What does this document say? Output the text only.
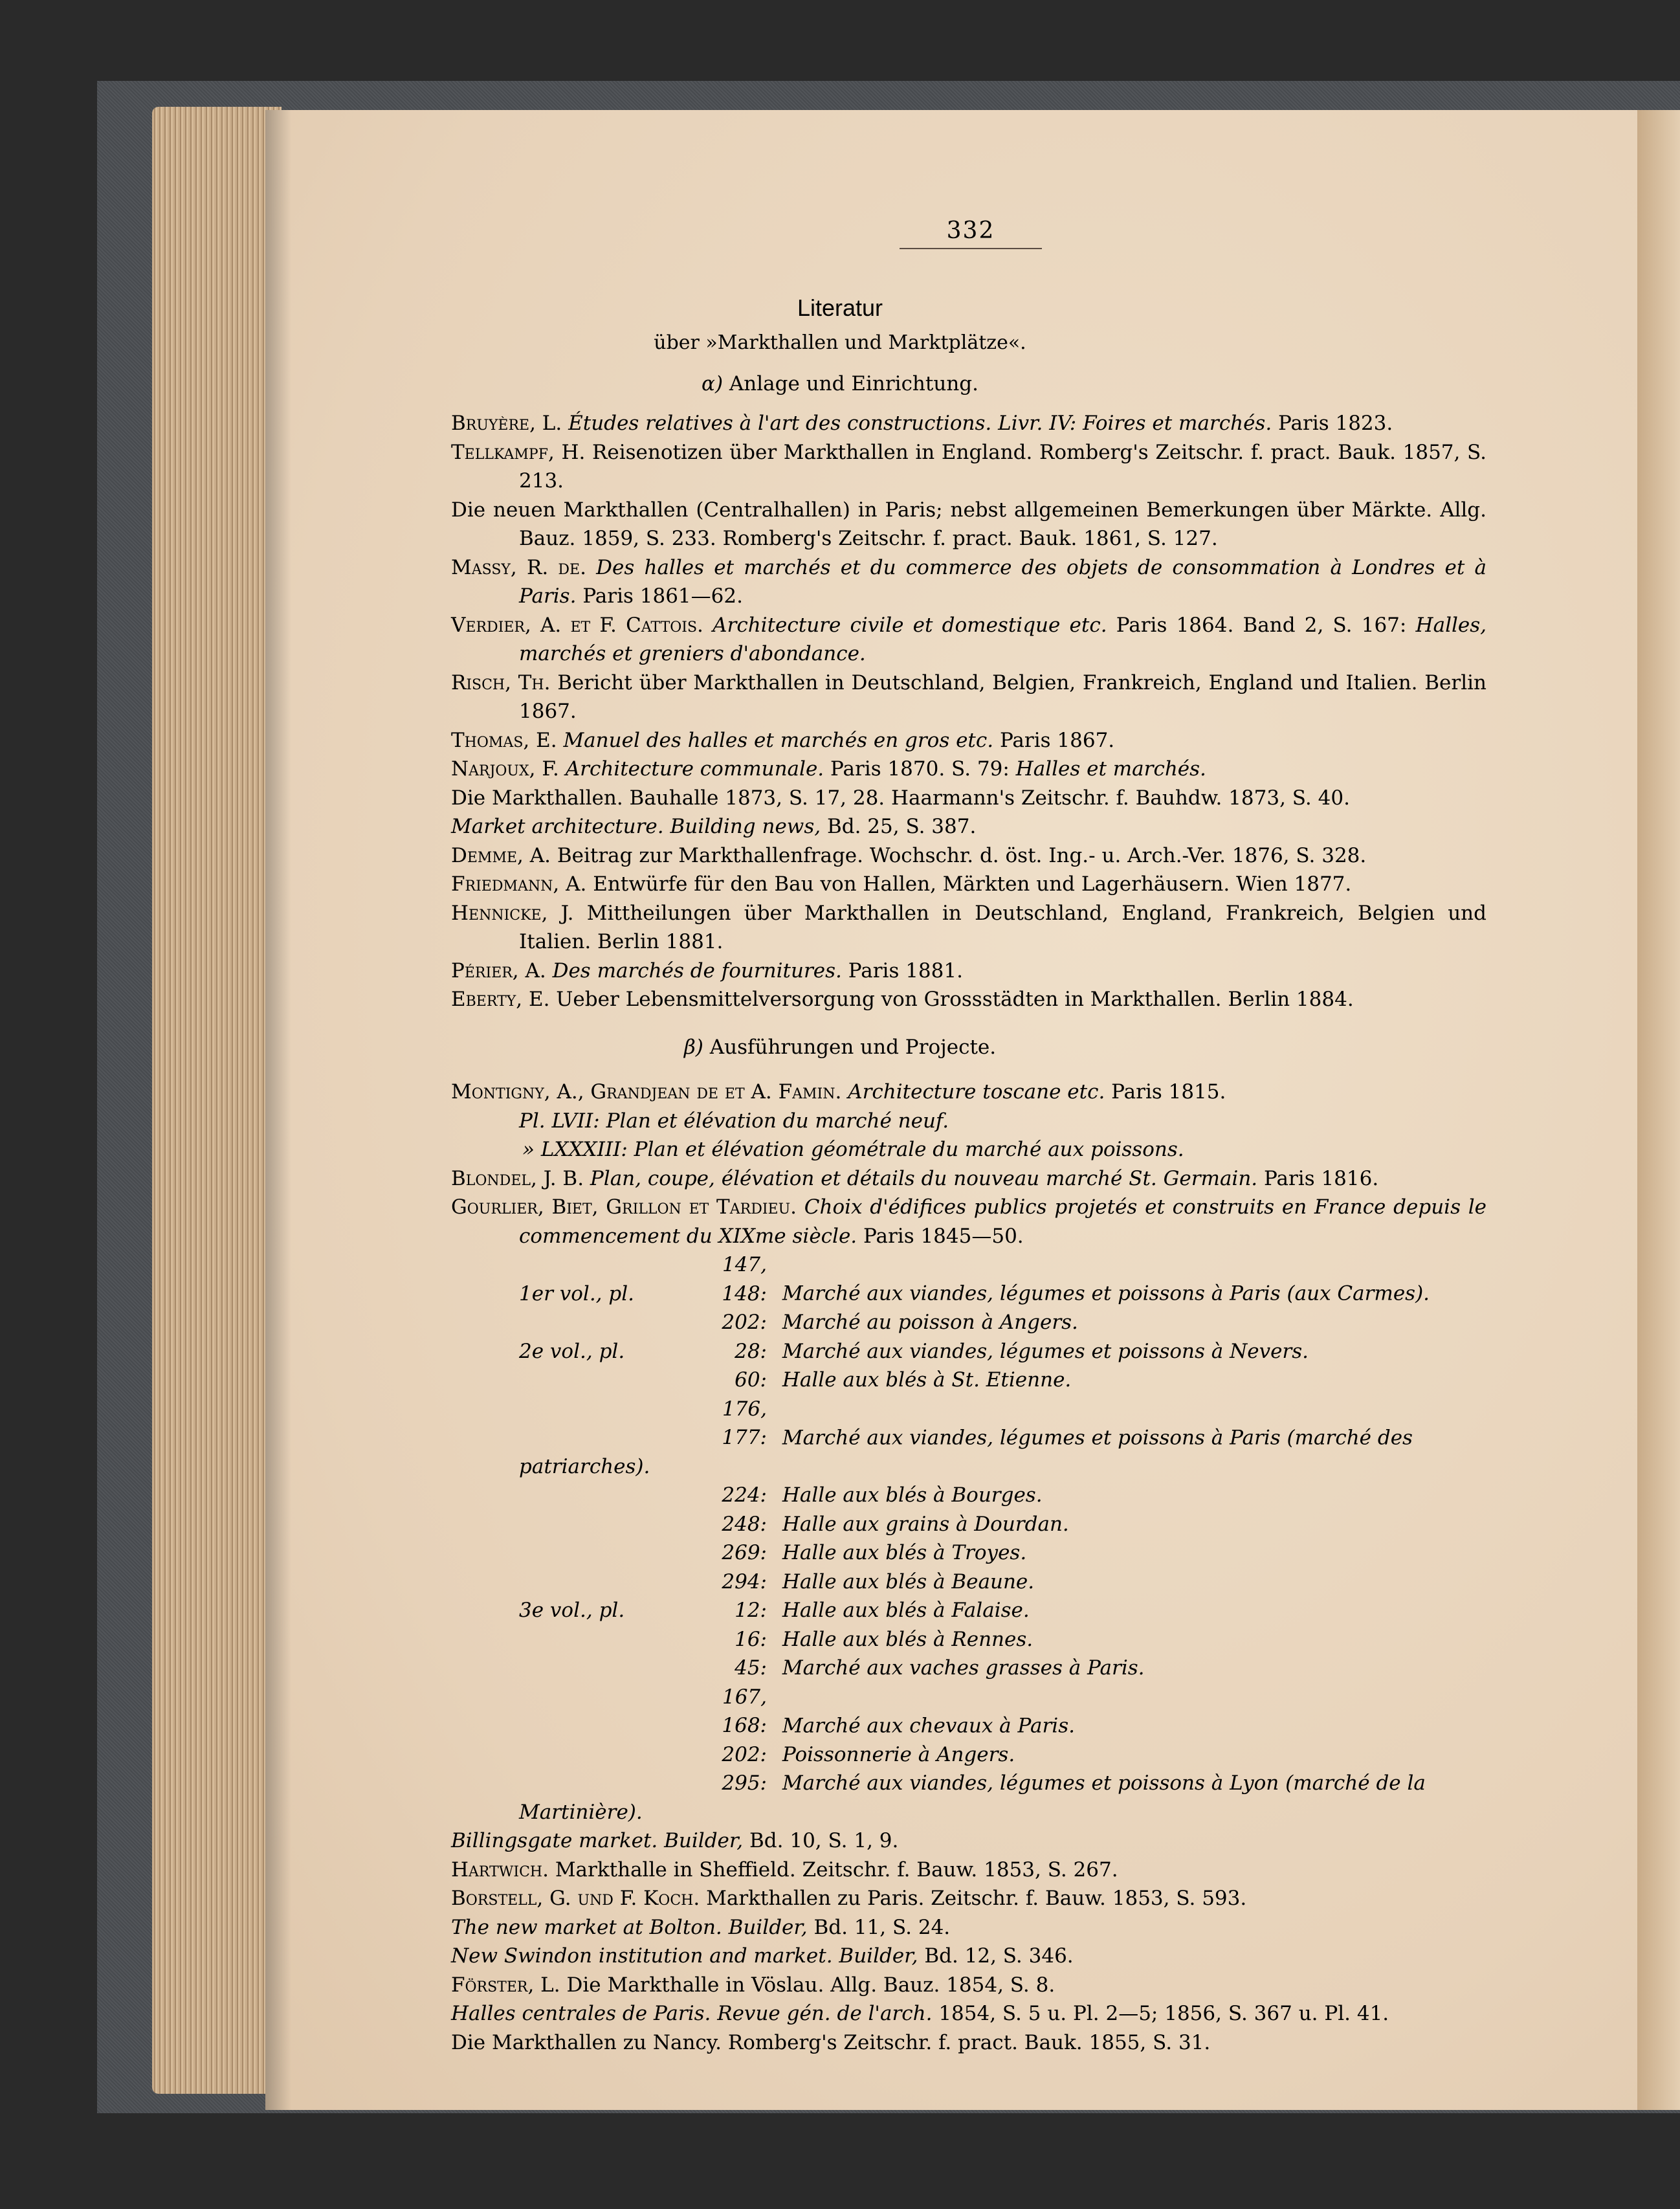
332
Literatur
über »Markthallen und Marktplätze«.
α) Anlage und Einrichtung.
Bruyère, L. Études relatives à l'art des constructions. Livr. IV: Foires et marchés. Paris 1823.
Tellkampf, H. Reisenotizen über Markthallen in England. Romberg's Zeitschr. f. pract. Bauk. 1857, S. 213.
Die neuen Markthallen (Centralhallen) in Paris; nebst allgemeinen Bemerkungen über Märkte. Allg. Bauz. 1859, S. 233. Romberg's Zeitschr. f. pract. Bauk. 1861, S. 127.
Massy, R. de. Des halles et marchés et du commerce des objets de consommation à Londres et à Paris. Paris 1861—62.
Verdier, A. et F. Cattois. Architecture civile et domestique etc. Paris 1864. Band 2, S. 167: Halles, marchés et greniers d'abondance.
Risch, Th. Bericht über Markthallen in Deutschland, Belgien, Frankreich, England und Italien. Berlin 1867.
Thomas, E. Manuel des halles et marchés en gros etc. Paris 1867.
Narjoux, F. Architecture communale. Paris 1870. S. 79: Halles et marchés.
Die Markthallen. Bauhalle 1873, S. 17, 28. Haarmann's Zeitschr. f. Bauhdw. 1873, S. 40.
Market architecture. Building news, Bd. 25, S. 387.
Demme, A. Beitrag zur Markthallenfrage. Wochschr. d. öst. Ing.- u. Arch.-Ver. 1876, S. 328.
Friedmann, A. Entwürfe für den Bau von Hallen, Märkten und Lagerhäusern. Wien 1877.
Hennicke, J. Mittheilungen über Markthallen in Deutschland, England, Frankreich, Belgien und Italien. Berlin 1881.
Périer, A. Des marchés de fournitures. Paris 1881.
Eberty, E. Ueber Lebensmittelversorgung von Grossstädten in Markthallen. Berlin 1884.
β) Ausführungen und Projecte.
Montigny, A., Grandjean de et A. Famin. Architecture toscane etc. Paris 1815.
Pl. LVII: Plan et élévation du marché neuf.
» LXXXIII: Plan et élévation géométrale du marché aux poissons.
Blondel, J. B. Plan, coupe, élévation et détails du nouveau marché St. Germain. Paris 1816.
Gourlier, Biet, Grillon et Tardieu. Choix d'édifices publics projetés et construits en France depuis le commencement du XIXme siècle. Paris 1845—50.
1er vol., pl.147, 148: Marché aux viandes, légumes et poissons à Paris (aux Carmes).
202: Marché au poisson à Angers.
2e vol., pl.	28: Marché aux viandes, légumes et poissons à Nevers.
60: Halle aux blés à St. Etienne.
176, 177: Marché aux viandes, légumes et poissons à Paris (marché des patriarches).
224: Halle aux blés à Bourges.
248: Halle aux grains à Dourdan.
269: Halle aux blés à Troyes.
294: Halle aux blés à Beaune.
3e vol., pl.	12: Halle aux blés à Falaise.
16: Halle aux blés à Rennes.
45: Marché aux vaches grasses à Paris.
167, 168: Marché aux chevaux à Paris.
202: Poissonnerie à Angers.
295: Marché aux viandes, légumes et poissons à Lyon (marché de la Martinière).
Billingsgate market. Builder, Bd. 10, S. 1, 9.
Hartwich. Markthalle in Sheffield. Zeitschr. f. Bauw. 1853, S. 267.
Borstell, G. und F. Koch. Markthallen zu Paris. Zeitschr. f. Bauw. 1853, S. 593.
The new market at Bolton. Builder, Bd. 11, S. 24.
New Swindon institution and market. Builder, Bd. 12, S. 346.
Förster, L. Die Markthalle in Vöslau. Allg. Bauz. 1854, S. 8.
Halles centrales de Paris. Revue gén. de l'arch. 1854, S. 5 u. Pl. 2—5; 1856, S. 367 u. Pl. 41.
Die Markthallen zu Nancy. Romberg's Zeitschr. f. pract. Bauk. 1855, S. 31.
